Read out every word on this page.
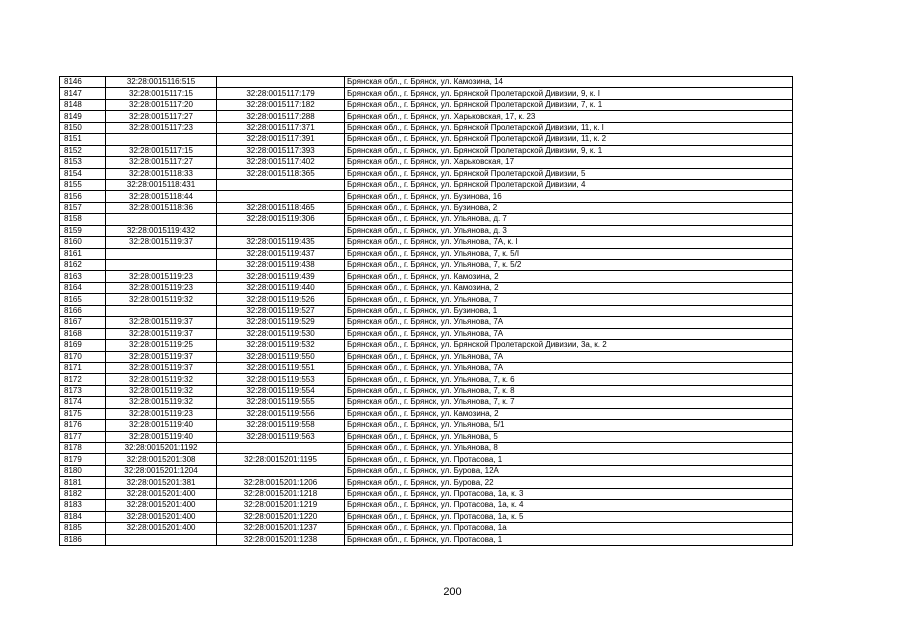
8146	32:28:0015116:515		Брянская обл., г. Брянск, ул. Камозина, 14
8147	32:28:0015117:15	32:28:0015117:179	Брянская обл., г. Брянск, ул. Брянской Пролетарской Дивизии, 9, к. I
8148	32:28:0015117:20	32:28:0015117:182	Брянская обл., г. Брянск, ул. Брянской Пролетарской Дивизии, 7, к. 1
8149	32:28:0015117:27	32:28:0015117:288	Брянская обл., г. Брянск, ул. Харьковская, 17, к. 23
8150	32:28:0015117:23	32:28:0015117:371	Брянская обл., г. Брянск, ул. Брянской Пролетарской Дивизии, 11, к. I
8151		32:28:0015117:391	Брянская обл., г. Брянск, ул. Брянской Пролетарской Дивизии, 11, к. 2
8152	32:28:0015117:15	32:28:0015117:393	Брянская обл., г. Брянск, ул. Брянской Пролетарской Дивизии, 9, к. 1
8153	32:28:0015117:27	32:28:0015117:402	Брянская обл., г. Брянск, ул. Харьковская, 17
8154	32:28:0015118:33	32:28:0015118:365	Брянская обл., г. Брянск, ул. Брянской Пролетарской Дивизии, 5
8155	32:28:0015118:431		Брянская обл., г. Брянск, ул. Брянской Пролетарской Дивизии, 4
8156	32:28:0015118:44		Брянская обл., г. Брянск, ул. Бузинова, 16
8157	32:28:0015118:36	32:28:0015118:465	Брянская обл., г. Брянск, ул. Бузинова, 2
8158		32:28:0015119:306	Брянская обл., г. Брянск, ул. Ульянова, д. 7
8159	32:28:0015119:432		Брянская обл., г. Брянск, ул. Ульянова, д. 3
8160	32:28:0015119:37	32:28:0015119:435	Брянская обл., г. Брянск, ул. Ульянова, 7А, к. I
8161		32:28:0015119:437	Брянская обл., г. Брянск, ул. Ульянова, 7, к. 5/I
8162		32:28:0015119:438	Брянская обл., г. Брянск, ул. Ульянова, 7, к. 5/2
8163	32:28:0015119:23	32:28:0015119:439	Брянская обл., г. Брянск, ул. Камозина, 2
8164	32:28:0015119:23	32:28:0015119:440	Брянская обл., г. Брянск, ул. Камозина, 2
8165	32:28:0015119:32	32:28:0015119:526	Брянская обл., г. Брянск, ул. Ульянова, 7
8166		32:28:0015119:527	Брянская обл., г. Брянск, ул. Бузинова, 1
8167	32:28:0015119:37	32:28:0015119:529	Брянская обл., г. Брянск, ул. Ульянова, 7А
8168	32:28:0015119:37	32:28:0015119:530	Брянская обл., г. Брянск, ул. Ульянова, 7А
8169	32:28:0015119:25	32:28:0015119:532	Брянская обл., г. Брянск, ул. Брянской Пролетарской Дивизии, 3а, к. 2
8170	32:28:0015119:37	32:28:0015119:550	Брянская обл., г. Брянск, ул. Ульянова, 7А
8171	32:28:0015119:37	32:28:0015119:551	Брянская обл., г. Брянск, ул. Ульянова, 7А
8172	32:28:0015119:32	32:28:0015119:553	Брянская обл., г. Брянск, ул. Ульянова, 7, к. 6
8173	32:28:0015119:32	32:28:0015119:554	Брянская обл., г. Брянск, ул. Ульянова, 7, к. 8
8174	32:28:0015119:32	32:28:0015119:555	Брянская обл., г. Брянск, ул. Ульянова, 7, к. 7
8175	32:28:0015119:23	32:28:0015119:556	Брянская обл., г. Брянск, ул. Камозина, 2
8176	32:28:0015119:40	32:28:0015119:558	Брянская обл., г. Брянск, ул. Ульянова, 5/1
8177	32:28:0015119:40	32:28:0015119:563	Брянская обл., г. Брянск, ул. Ульянова, 5
8178	32:28:0015201:1192		Брянская обл., г. Брянск, ул. Ульянова, 8
8179	32:28:0015201:308	32:28:0015201:1195	Брянская обл., г. Брянск, ул. Протасова, 1
8180	32:28:0015201:1204		Брянская обл., г. Брянск, ул. Бурова, 12А
8181	32:28:0015201:381	32:28:0015201:1206	Брянская обл., г. Брянск, ул. Бурова, 22
8182	32:28:0015201:400	32:28:0015201:1218	Брянская обл., г. Брянск, ул. Протасова, 1а, к. 3
8183	32:28:0015201:400	32:28:0015201:1219	Брянская обл., г. Брянск, ул. Протасова, 1а, к. 4
8184	32:28:0015201:400	32:28:0015201:1220	Брянская обл., г. Брянск, ул. Протасова, 1а, к. 5
8185	32:28:0015201:400	32:28:0015201:1237	Брянская обл., г. Брянск, ул. Протасова, 1а
8186		32:28:0015201:1238	Брянская обл., г. Брянск, ул. Протасова, 1
200
